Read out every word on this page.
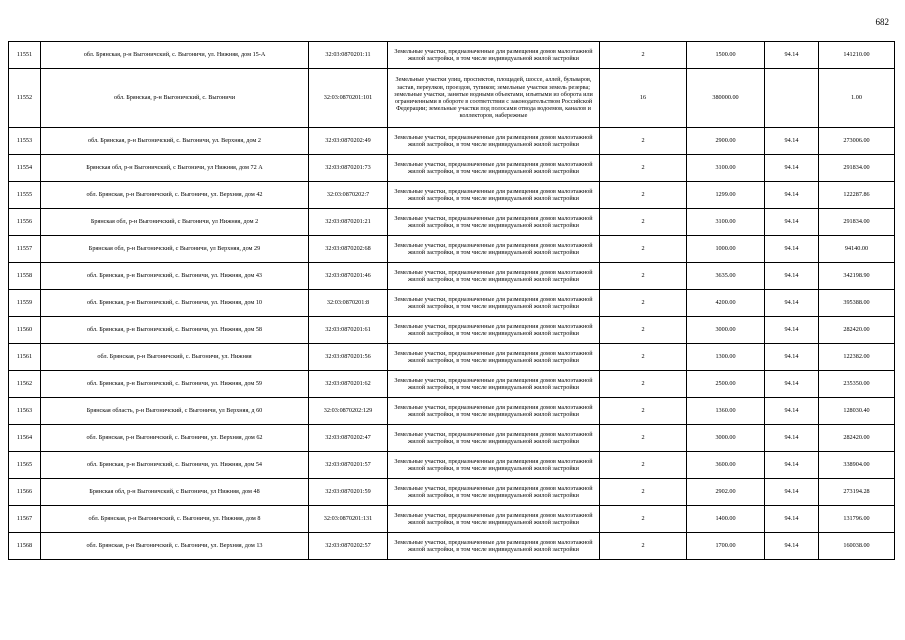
682
11551	обл. Брянская, р-н Выгоничский, с. Выгоничи, ул. Нижняя, дом 15-А	32:03:0870201:11	Земельные участки, предназначенные для размещения домов малоэтажной жилой застройки, в том числе индивидуальной жилой застройки	2	1500.00	94.14	141210.00
11552	обл. Брянская, р-н Выгоничский, с. Выгоничи	32:03:0870201:101	Земельные участки улиц, проспектов, площадей, шоссе, аллей, бульваров, застав, переулков, проездов, тупиков; земельные участки земель резерва; земельные участки, занятые водными объектами, изъятыми из оборота или ограниченными в обороте в соответствии с законодательством Российской Федерации; земельные участки под полосами отвода водоемов, каналов и коллекторов, набережные	16	380000.00		1.00
11553	обл. Брянская, р-н Выгоничский, с. Выгоничи, ул. Верхняя, дом 2	32:03:0870202:49	Земельные участки, предназначенные для размещения домов малоэтажной жилой застройки, в том числе индивидуальной жилой застройки	2	2900.00	94.14	273006.00
11554	Брянская обл, р-н Выгоничский, с Выгоничи, ул Нижняя, дом 72 А	32:03:0870201:73	Земельные участки, предназначенные для размещения домов малоэтажной жилой застройки, в том числе индивидуальной жилой застройки	2	3100.00	94.14	291834.00
11555	обл. Брянская, р-н Выгоничский, с. Выгоничи, ул. Верхняя, дом 42	32:03:0870202:7	Земельные участки, предназначенные для размещения домов малоэтажной жилой застройки, в том числе индивидуальной жилой застройки	2	1299.00	94.14	122287.86
11556	Брянская обл, р-н Выгоничский, с Выгоничи, ул Нижняя, дом 2	32:03:0870201:21	Земельные участки, предназначенные для размещения домов малоэтажной жилой застройки, в том числе индивидуальной жилой застройки	2	3100.00	94.14	291834.00
11557	Брянская обл, р-н Выгоничский, с Выгоничи, ул Верхняя, дом 29	32:03:0870202:68	Земельные участки, предназначенные для размещения домов малоэтажной жилой застройки, в том числе индивидуальной жилой застройки	2	1000.00	94.14	94140.00
11558	обл. Брянская, р-н Выгоничский, с. Выгоничи, ул. Нижняя, дом 43	32:03:0870201:46	Земельные участки, предназначенные для размещения домов малоэтажной жилой застройки, в том числе индивидуальной жилой застройки	2	3635.00	94.14	342198.90
11559	обл. Брянская, р-н Выгоничский, с. Выгоничи, ул. Нижняя, дом 10	32:03:0870201:8	Земельные участки, предназначенные для размещения домов малоэтажной жилой застройки, в том числе индивидуальной жилой застройки	2	4200.00	94.14	395388.00
11560	обл. Брянская, р-н Выгоничский, с. Выгоничи, ул. Нижняя, дом 58	32:03:0870201:61	Земельные участки, предназначенные для размещения домов малоэтажной жилой застройки, в том числе индивидуальной жилой застройки	2	3000.00	94.14	282420.00
11561	обл. Брянская, р-н Выгоничский, с. Выгоничи, ул. Нижняя	32:03:0870201:56	Земельные участки, предназначенные для размещения домов малоэтажной жилой застройки, в том числе индивидуальной жилой застройки	2	1300.00	94.14	122382.00
11562	обл. Брянская, р-н Выгоничский, с. Выгоничи, ул. Нижняя, дом 59	32:03:0870201:62	Земельные участки, предназначенные для размещения домов малоэтажной жилой застройки, в том числе индивидуальной жилой застройки	2	2500.00	94.14	235350.00
11563	Брянская область, р-н Выгоничский, с Выгоничи, ул Верхняя, д 60	32:03:0870202:129	Земельные участки, предназначенные для размещения домов малоэтажной жилой застройки, в том числе индивидуальной жилой застройки	2	1360.00	94.14	128030.40
11564	обл. Брянская, р-н Выгоничский, с. Выгоничи, ул. Верхняя, дом 62	32:03:0870202:47	Земельные участки, предназначенные для размещения домов малоэтажной жилой застройки, в том числе индивидуальной жилой застройки	2	3000.00	94.14	282420.00
11565	обл. Брянская, р-н Выгоничский, с. Выгоничи, ул. Нижняя, дом 54	32:03:0870201:57	Земельные участки, предназначенные для размещения домов малоэтажной жилой застройки, в том числе индивидуальной жилой застройки	2	3600.00	94.14	338904.00
11566	Брянская обл, р-н Выгоничский, с Выгоничи, ул Нижняя, дом 48	32:03:0870201:59	Земельные участки, предназначенные для размещения домов малоэтажной жилой застройки, в том числе индивидуальной жилой застройки	2	2902.00	94.14	273194.28
11567	обл. Брянская, р-н Выгоничский, с. Выгоничи, ул. Нижняя, дом 8	32:03:0870201:131	Земельные участки, предназначенные для размещения домов малоэтажной жилой застройки, в том числе индивидуальной жилой застройки	2	1400.00	94.14	131796.00
11568	обл. Брянская, р-н Выгоничский, с. Выгоничи, ул. Верхняя, дом 13	32:03:0870202:57	Земельные участки, предназначенные для размещения домов малоэтажной жилой застройки, в том числе индивидуальной жилой застройки	2	1700.00	94.14	160038.00
